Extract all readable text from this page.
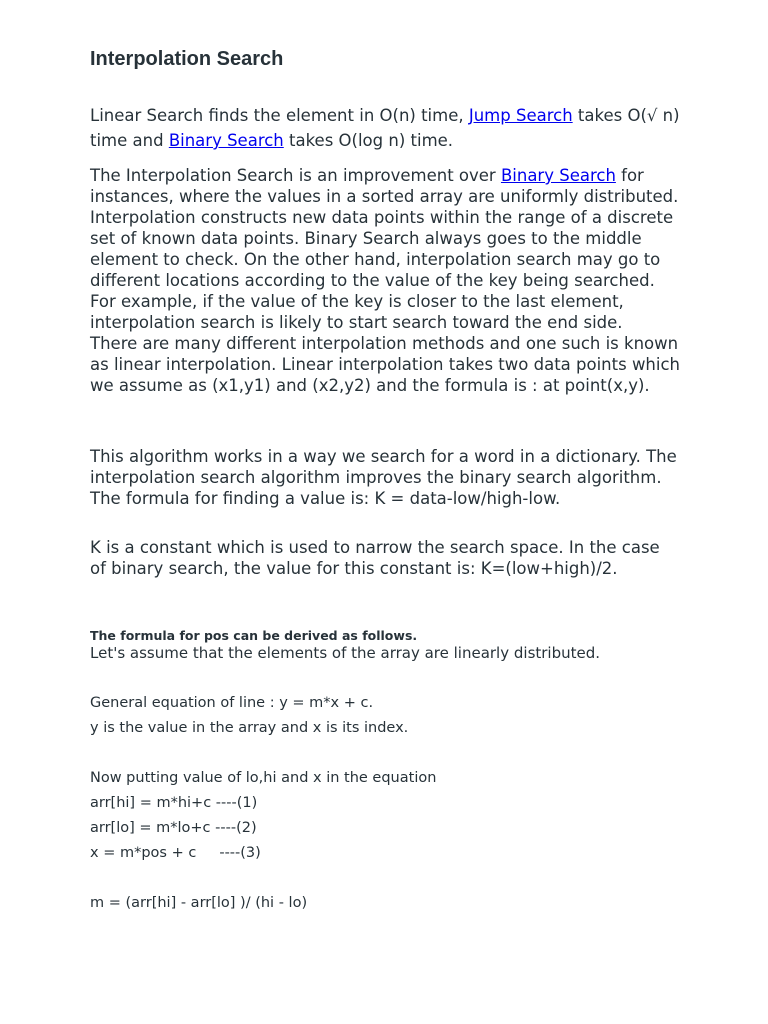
Interpolation Search

Linear Search finds the element in O(n) time, Jump Search takes O(√ n) time and Binary Search takes O(log n) time.

The Interpolation Search is an improvement over Binary Search for instances, where the values in a sorted array are uniformly distributed. Interpolation constructs new data points within the range of a discrete set of known data points. Binary Search always goes to the middle element to check. On the other hand, interpolation search may go to different locations according to the value of the key being searched. For example, if the value of the key is closer to the last element, interpolation search is likely to start search toward the end side.
There are many different interpolation methods and one such is known as linear interpolation. Linear interpolation takes two data points which we assume as (x1,y1) and (x2,y2) and the formula is : at point(x,y).

This algorithm works in a way we search for a word in a dictionary. The interpolation search algorithm improves the binary search algorithm. The formula for finding a value is: K = data-low/high-low.

K is a constant which is used to narrow the search space. In the case of binary search, the value for this constant is: K=(low+high)/2.

The formula for pos can be derived as follows.

Let's assume that the elements of the array are linearly distributed.

General equation of line : y = m*x + c.

y is the value in the array and x is its index.

Now putting value of lo,hi and x in the equation

arr[hi] = m*hi+c ----(1)

arr[lo] = m*lo+c ----(2)

x = m*pos + c     ----(3)

m = (arr[hi] - arr[lo] )/ (hi - lo)
